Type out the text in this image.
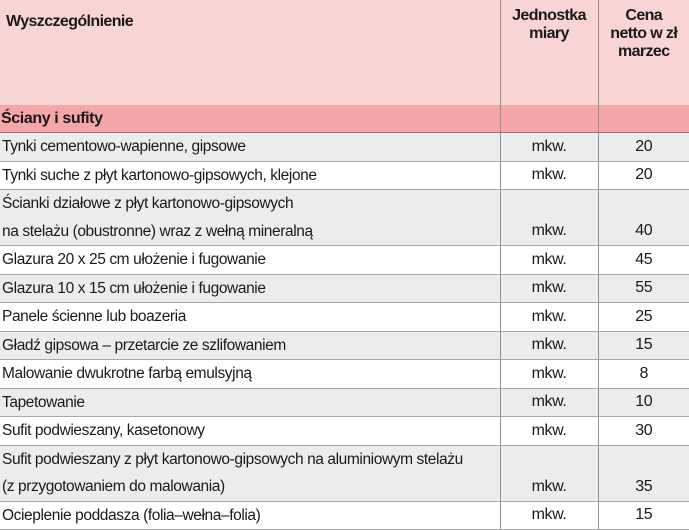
Wyszczególnienie	Jednostka miary	Cena netto w zł marzec
Ściany i sufity		
Tynki cementowo-wapienne, gipsowe	mkw.	20
Tynki suche z płyt kartonowo-gipsowych, klejone	mkw.	20
Ścianki działowe z płyt kartonowo-gipsowych		
na stelażu (obustronne) wraz z wełną mineralną	mkw.	40
Glazura 20 x 25 cm ułożenie i fugowanie	mkw.	45
Glazura 10 x 15 cm ułożenie i fugowanie	mkw.	55
Panele ścienne lub boazeria	mkw.	25
Gładź gipsowa – przetarcie ze szlifowaniem	mkw.	15
Malowanie dwukrotne farbą emulsyjną	mkw.	8
Tapetowanie	mkw.	10
Sufit podwieszany, kasetonowy	mkw.	30
Sufit podwieszany z płyt kartonowo-gipsowych na aluminiowym stelażu		
(z przygotowaniem do malowania)	mkw.	35
Ocieplenie poddasza (folia–wełna–folia)	mkw.	15
